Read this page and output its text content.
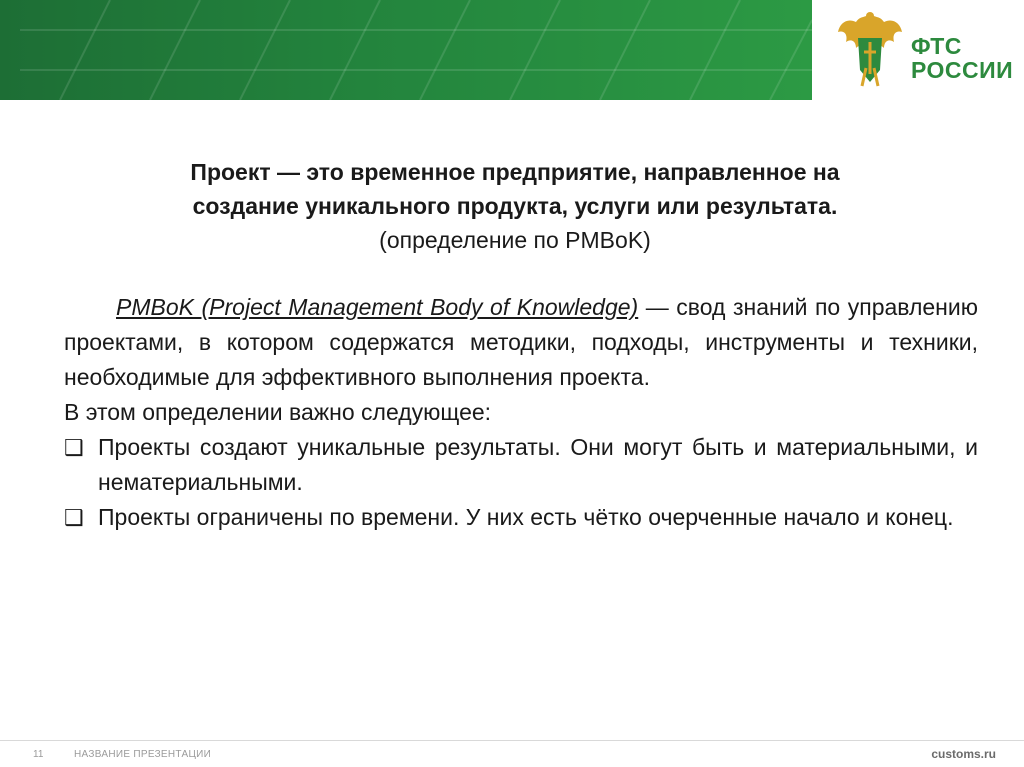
ФТС
РОССИИ
Проект — это временное предприятие, направленное на
создание уникального продукта, услуги или результата.
(определение по PMBoK)

PMBoK (Project Management Body of Knowledge) — свод знаний по управлению проектами, в котором содержатся методики, подходы, инструменты и техники, необходимые для эффективного выполнения проекта.

В этом определении важно следующее:

❑ Проекты создают уникальные результаты. Они могут быть и материальными, и нематериальными.
❑ Проекты ограничены по времени. У них есть чётко очерченные начало и конец.
11	НАЗВАНИЕ ПРЕЗЕНТАЦИИ	customs.ru
